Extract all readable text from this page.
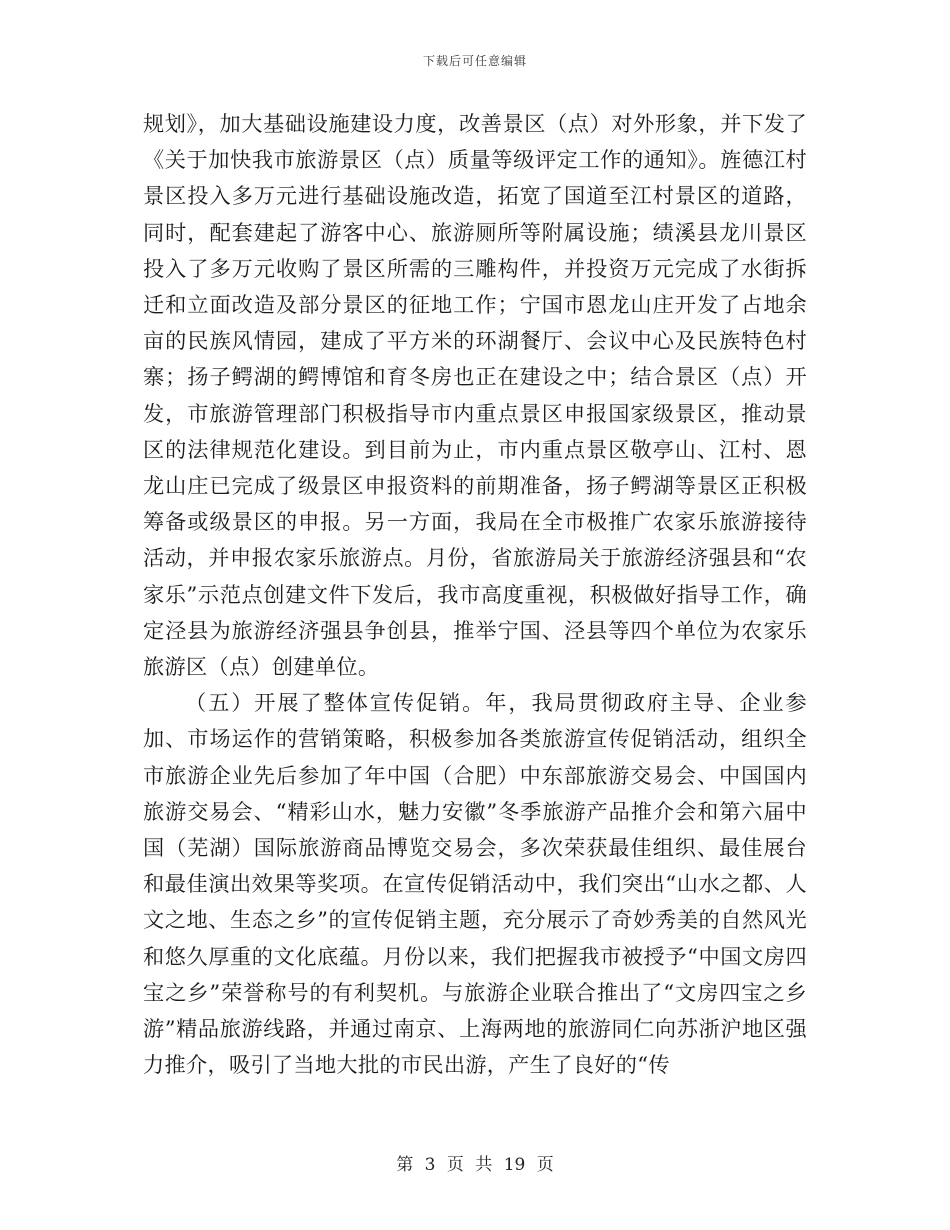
下载后可任意编辑

规划》，加大基础设施建设力度，改善景区（点）对外形象，并下发了《关于加快我市旅游景区（点）质量等级评定工作的通知》。旌德江村景区投入多万元进行基础设施改造，拓宽了国道至江村景区的道路，同时，配套建起了游客中心、旅游厕所等附属设施；绩溪县龙川景区投入了多万元收购了景区所需的三雕构件，并投资万元完成了水街拆迁和立面改造及部分景区的征地工作；宁国市恩龙山庄开发了占地余亩的民族风情园，建成了平方米的环湖餐厅、会议中心及民族特色村寨；扬子鳄湖的鳄博馆和育冬房也正在建设之中；结合景区（点）开发，市旅游管理部门积极指导市内重点景区申报国家级景区，推动景区的法律规范化建设。到目前为止，市内重点景区敬亭山、江村、恩龙山庄已完成了级景区申报资料的前期准备，扬子鳄湖等景区正积极筹备或级景区的申报。另一方面，我局在全市极推广农家乐旅游接待活动，并申报农家乐旅游点。月份，省旅游局关于旅游经济强县和“农家乐”示范点创建文件下发后，我市高度重视，积极做好指导工作，确定泾县为旅游经济强县争创县，推举宁国、泾县等四个单位为农家乐旅游区（点）创建单位。

（五）开展了整体宣传促销。年，我局贯彻政府主导、企业参加、市场运作的营销策略，积极参加各类旅游宣传促销活动，组织全市旅游企业先后参加了年中国（合肥）中东部旅游交易会、中国国内旅游交易会、“精彩山水，魅力安徽”冬季旅游产品推介会和第六届中国（芜湖）国际旅游商品博览交易会，多次荣获最佳组织、最佳展台和最佳演出效果等奖项。在宣传促销活动中，我们突出“山水之都、人文之地、生态之乡”的宣传促销主题，充分展示了奇妙秀美的自然风光和悠久厚重的文化底蕴。月份以来，我们把握我市被授予“中国文房四宝之乡”荣誉称号的有利契机。与旅游企业联合推出了“文房四宝之乡游”精品旅游线路，并通过南京、上海两地的旅游同仁向苏浙沪地区强力推介，吸引了当地大批的市民出游，产生了良好的“传

第 3 页 共 19 页
